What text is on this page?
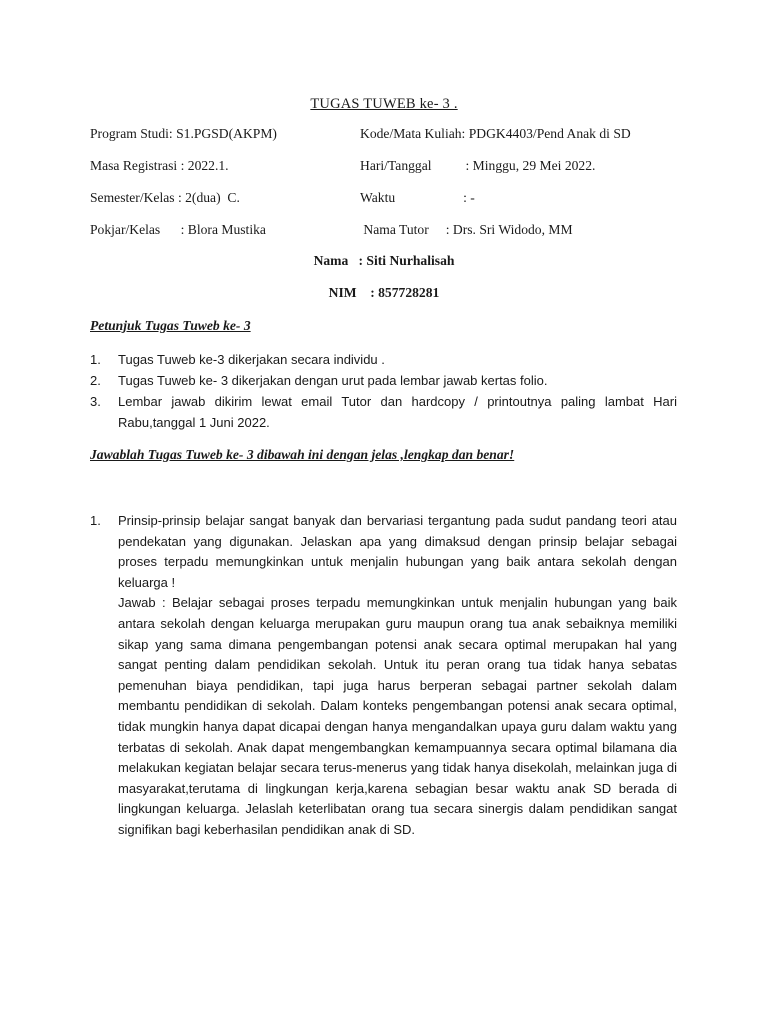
TUGAS TUWEB ke- 3 .
Program Studi: S1.PGSD(AKPM)	Kode/Mata Kuliah: PDGK4403/Pend Anak di SD
Masa Registrasi : 2022.1.	Hari/Tanggal          : Minggu, 29 Mei 2022.
Semester/Kelas : 2(dua)  C.	Waktu                    : -
Pokjar/Kelas      : Blora Mustika	Nama Tutor     : Drs. Sri Widodo, MM
Nama   : Siti Nurhalisah
NIM    : 857728281
Petunjuk Tugas Tuweb ke- 3
1. Tugas Tuweb ke-3 dikerjakan secara individu .
2. Tugas Tuweb ke- 3 dikerjakan dengan urut pada lembar jawab kertas folio.
3. Lembar jawab dikirim lewat email Tutor dan hardcopy / printoutnya paling lambat Hari Rabu,tanggal 1 Juni 2022.
Jawablah Tugas Tuweb ke- 3 dibawah ini dengan jelas ,lengkap dan benar!
1. Prinsip-prinsip belajar sangat banyak dan bervariasi tergantung pada sudut pandang teori atau pendekatan yang digunakan. Jelaskan apa yang dimaksud dengan prinsip belajar sebagai proses terpadu memungkinkan untuk menjalin hubungan yang baik antara sekolah dengan keluarga !

Jawab : Belajar sebagai proses terpadu memungkinkan untuk menjalin hubungan yang baik antara sekolah dengan keluarga merupakan guru maupun orang tua anak sebaiknya memiliki sikap yang sama dimana pengembangan potensi anak secara optimal merupakan hal yang sangat penting dalam pendidikan sekolah. Untuk itu peran orang tua tidak hanya sebatas pemenuhan biaya pendidikan, tapi juga harus berperan sebagai partner sekolah dalam membantu pendidikan di sekolah. Dalam konteks pengembangan potensi anak secara optimal, tidak mungkin hanya dapat dicapai dengan hanya mengandalkan upaya guru dalam waktu yang terbatas di sekolah. Anak dapat mengembangkan kemampuannya secara optimal bilamana dia melakukan kegiatan belajar secara terus-menerus yang tidak hanya disekolah, melainkan juga di masyarakat,terutama di lingkungan kerja,karena sebagian besar waktu anak SD berada di lingkungan keluarga. Jelaslah keterlibatan orang tua secara sinergis dalam pendidikan sangat signifikan bagi keberhasilan pendidikan anak di SD.
